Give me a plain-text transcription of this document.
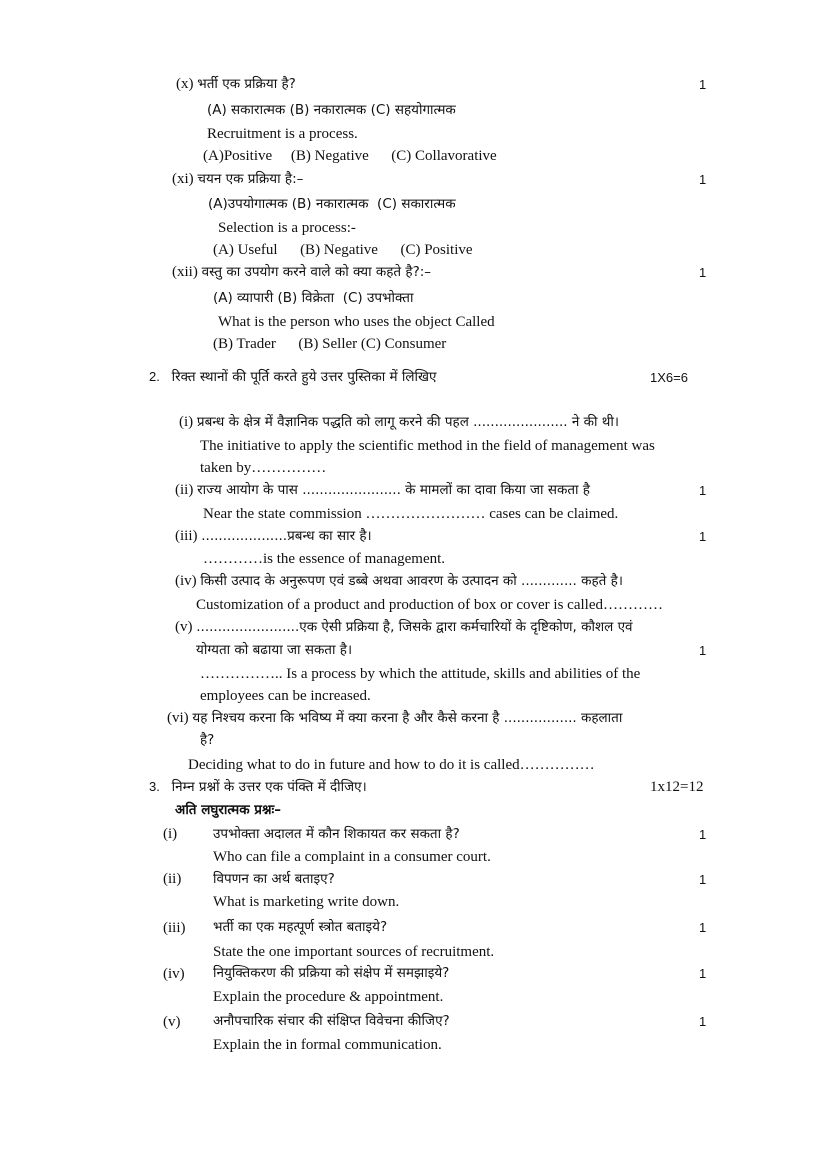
(x) भर्ती एक प्रक्रिया है?	1
(A) सकारात्मक (B) नकारात्मक (C) सहयोगात्मक
Recruitment is a process.
(A)Positive     (B) Negative      (C) Collavorative
(xi) चयन एक प्रक्रिया है:–	1
(A)उपयोगात्मक (B) नकारात्मक  (C) सकारात्मक
Selection is a process:-
(A) Useful      (B) Negative      (C) Positive
(xii) वस्तु का उपयोग करने वाले को क्या कहते है?:–	1
(A) व्यापारी (B) विक्रेता  (C) उपभोक्ता
What is the person who uses the object Called
(B) Trader      (B) Seller (C) Consumer
2. रिक्त स्थानों की पूर्ति करते हुये उत्तर पुस्तिका में लिखिए	1X6=6
(i) प्रबन्ध के क्षेत्र में वैज्ञानिक पद्धति को लागू करने की पहल ...................... ने की थी।
The initiative to apply the scientific method in the field of management was
taken by……………
(ii) राज्य आयोग के पास ....................... के मामलों का दावा किया जा सकता है	1
Near the state commission …………………… cases can be claimed.
(iii) ....................प्रबन्ध का सार है।	1
…………is the essence of management.
(iv) किसी उत्पाद के अनुरूपण एवं डब्बे अथवा आवरण के उत्पादन को ............. कहते है।
Customization of a product and production of box or cover is called…………
(v) ........................एक ऐसी प्रक्रिया है, जिसके द्वारा कर्मचारियों के दृष्टिकोण, कौशल एवं
योग्यता को बढाया जा सकता है।	1
…………….. Is a process by which the attitude, skills and abilities of the
employees can be increased.
(vi) यह निश्चय करना कि भविष्य में क्या करना है और कैसे करना है ................. कहलाता
है?
Deciding what to do in future and how to do it is called……………
3. निम्न प्रश्नों के उत्तर एक पंक्ति में दीजिए।	1x12=12
अति लघुरात्मक प्रश्नः–
(i)	उपभोक्ता अदालत में कौन शिकायत कर सकता है?	1
Who can file a complaint in a consumer court.
(ii) विपणन का अर्थ बताइए?	1
What is marketing write down.
(iii) भर्ती का एक महत्पूर्ण स्त्रोत बताइये?	1
State the one important sources of recruitment.
(iv) नियुक्तिकरण की प्रक्रिया को संक्षेप में समझाइये?	1
Explain the procedure & appointment.
(v) अनौपचारिक संचार की संक्षिप्त विवेचना कीजिए?	1
Explain the in formal communication.
